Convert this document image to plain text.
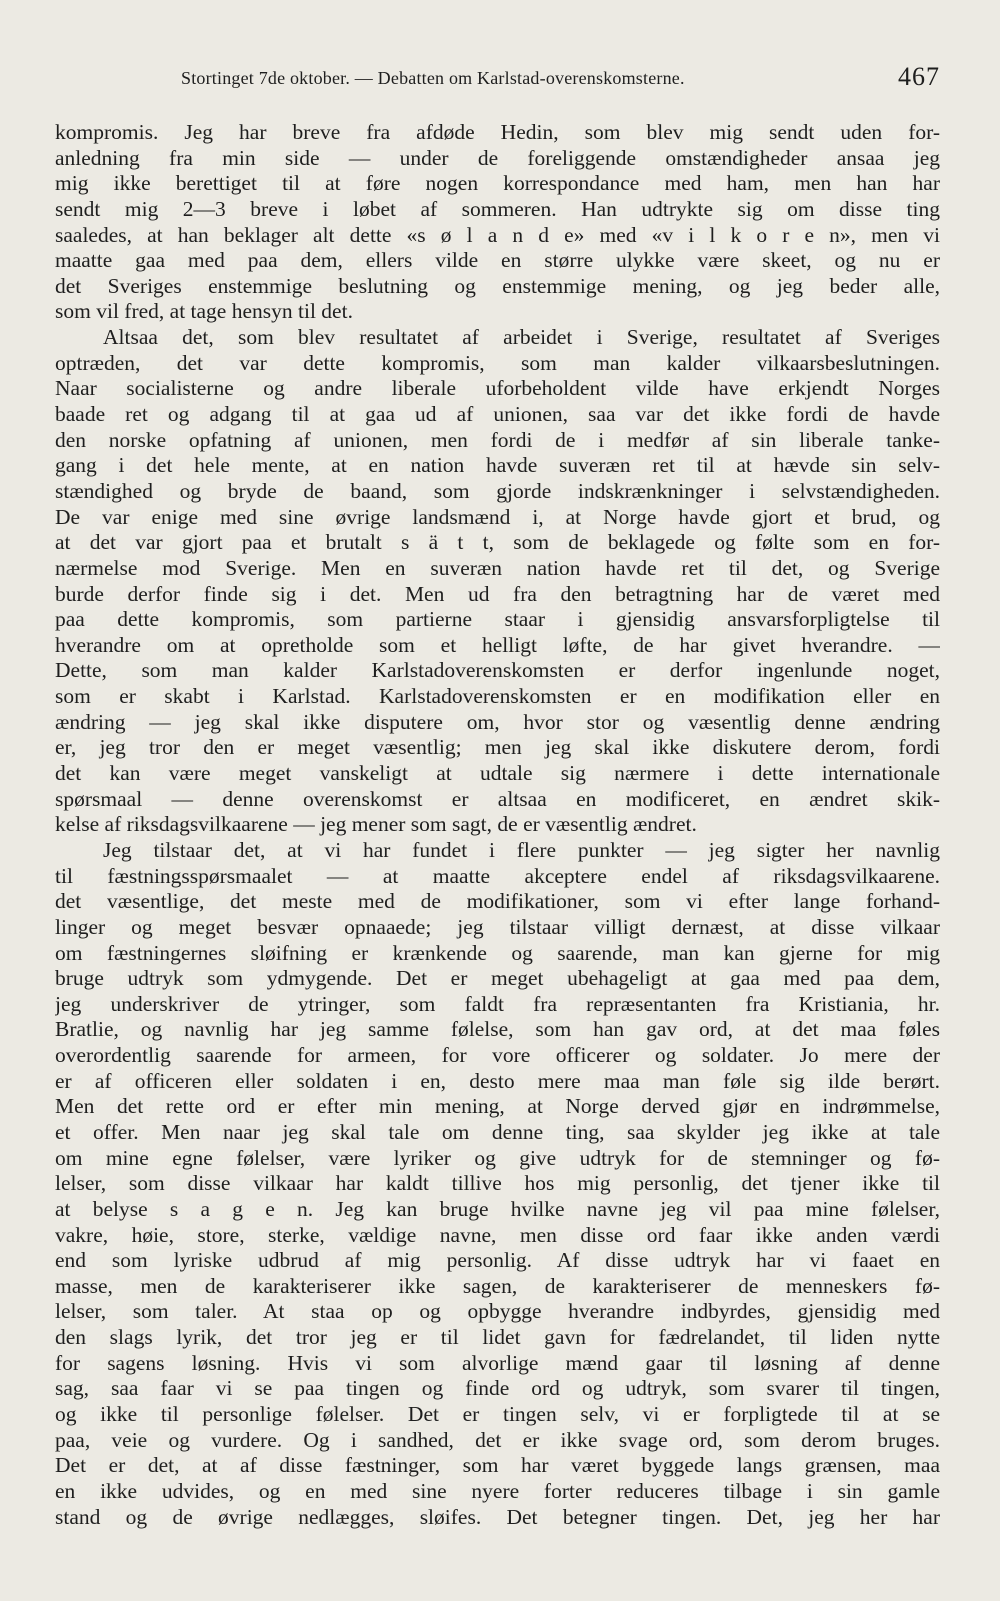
Stortinget 7de oktober. — Debatten om Karlstad-overenskomsterne.	467
kompromis. Jeg har breve fra afdøde Hedin, som blev mig sendt uden for-
anledning fra min side — under de foreliggende omstændigheder ansaa jeg
mig ikke berettiget til at føre nogen korrespondance med ham, men han har
sendt mig 2—3 breve i løbet af sommeren. Han udtrykte sig om disse ting
saaledes, at han beklager alt dette «s ø l a n d e» med «v i l k o r e n», men vi
maatte gaa med paa dem, ellers vilde en større ulykke være skeet, og nu er
det Sveriges enstemmige beslutning og enstemmige mening, og jeg beder alle,
som vil fred, at tage hensyn til det.
Altsaa det, som blev resultatet af arbeidet i Sverige, resultatet af Sveriges
optræden, det var dette kompromis, som man kalder vilkaarsbeslutningen.
Naar socialisterne og andre liberale uforbeholdent vilde have erkjendt Norges
baade ret og adgang til at gaa ud af unionen, saa var det ikke fordi de havde
den norske opfatning af unionen, men fordi de i medfør af sin liberale tanke-
gang i det hele mente, at en nation havde suveræn ret til at hævde sin selv-
stændighed og bryde de baand, som gjorde indskrænkninger i selvstændigheden.
De var enige med sine øvrige landsmænd i, at Norge havde gjort et brud, og
at det var gjort paa et brutalt s ä t t, som de beklagede og følte som en for-
nærmelse mod Sverige. Men en suveræn nation havde ret til det, og Sverige
burde derfor finde sig i det. Men ud fra den betragtning har de været med
paa dette kompromis, som partierne staar i gjensidig ansvarsforpligtelse til
hverandre om at opretholde som et helligt løfte, de har givet hverandre. —
Dette, som man kalder Karlstadoverenskomsten er derfor ingenlunde noget,
som er skabt i Karlstad. Karlstadoverenskomsten er en modifikation eller en
ændring — jeg skal ikke disputere om, hvor stor og væsentlig denne ændring
er, jeg tror den er meget væsentlig; men jeg skal ikke diskutere derom, fordi
det kan være meget vanskeligt at udtale sig nærmere i dette internationale
spørsmaal — denne overenskomst er altsaa en modificeret, en ændret skik-
kelse af riksdagsvilkaarene — jeg mener som sagt, de er væsentlig ændret.
Jeg tilstaar det, at vi har fundet i flere punkter — jeg sigter her navnlig
til fæstningsspørsmaalet — at maatte akceptere endel af riksdagsvilkaarene.
det væsentlige, det meste med de modifikationer, som vi efter lange forhand-
linger og meget besvær opnaaede; jeg tilstaar villigt dernæst, at disse vilkaar
om fæstningernes sløifning er krænkende og saarende, man kan gjerne for mig
bruge udtryk som ydmygende. Det er meget ubehageligt at gaa med paa dem,
jeg underskriver de ytringer, som faldt fra repræsentanten fra Kristiania, hr.
Bratlie, og navnlig har jeg samme følelse, som han gav ord, at det maa føles
overordentlig saarende for armeen, for vore officerer og soldater. Jo mere der
er af officeren eller soldaten i en, desto mere maa man føle sig ilde berørt.
Men det rette ord er efter min mening, at Norge derved gjør en indrømmelse,
et offer. Men naar jeg skal tale om denne ting, saa skylder jeg ikke at tale
om mine egne følelser, være lyriker og give udtryk for de stemninger og fø-
lelser, som disse vilkaar har kaldt tillive hos mig personlig, det tjener ikke til
at belyse s a g e n. Jeg kan bruge hvilke navne jeg vil paa mine følelser,
vakre, høie, store, sterke, vældige navne, men disse ord faar ikke anden værdi
end som lyriske udbrud af mig personlig. Af disse udtryk har vi faaet en
masse, men de karakteriserer ikke sagen, de karakteriserer de menneskers fø-
lelser, som taler. At staa op og opbygge hverandre indbyrdes, gjensidig med
den slags lyrik, det tror jeg er til lidet gavn for fædrelandet, til liden nytte
for sagens løsning. Hvis vi som alvorlige mænd gaar til løsning af denne
sag, saa faar vi se paa tingen og finde ord og udtryk, som svarer til tingen,
og ikke til personlige følelser. Det er tingen selv, vi er forpligtede til at se
paa, veie og vurdere. Og i sandhed, det er ikke svage ord, som derom bruges.
Det er det, at af disse fæstninger, som har været byggede langs grænsen, maa
en ikke udvides, og en med sine nyere forter reduceres tilbage i sin gamle
stand og de øvrige nedlægges, sløifes. Det betegner tingen. Det, jeg her har
